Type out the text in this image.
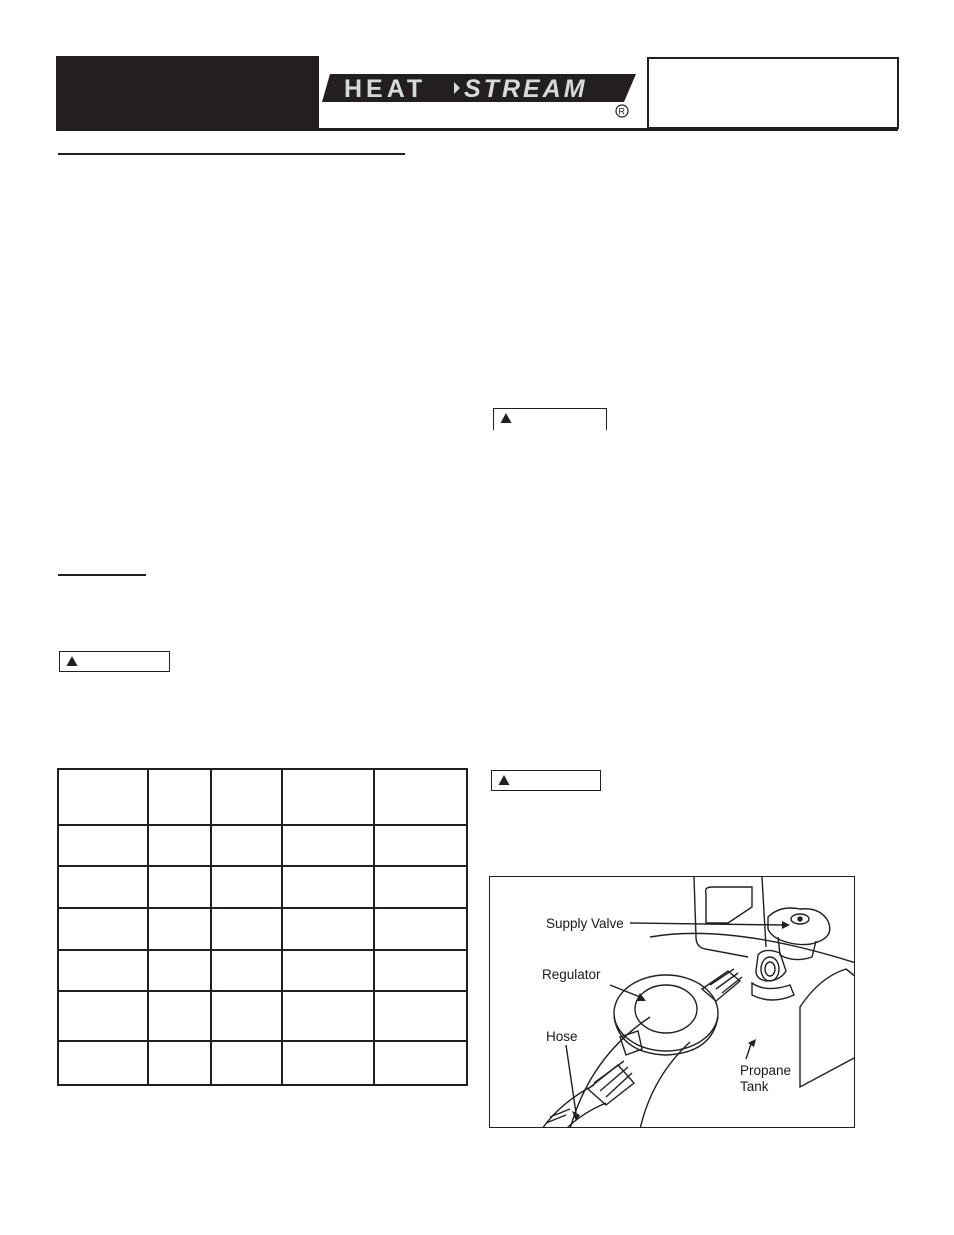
HEAT STREAM
R
Supply Valve
Regulator
Hose
Propane
Tank
